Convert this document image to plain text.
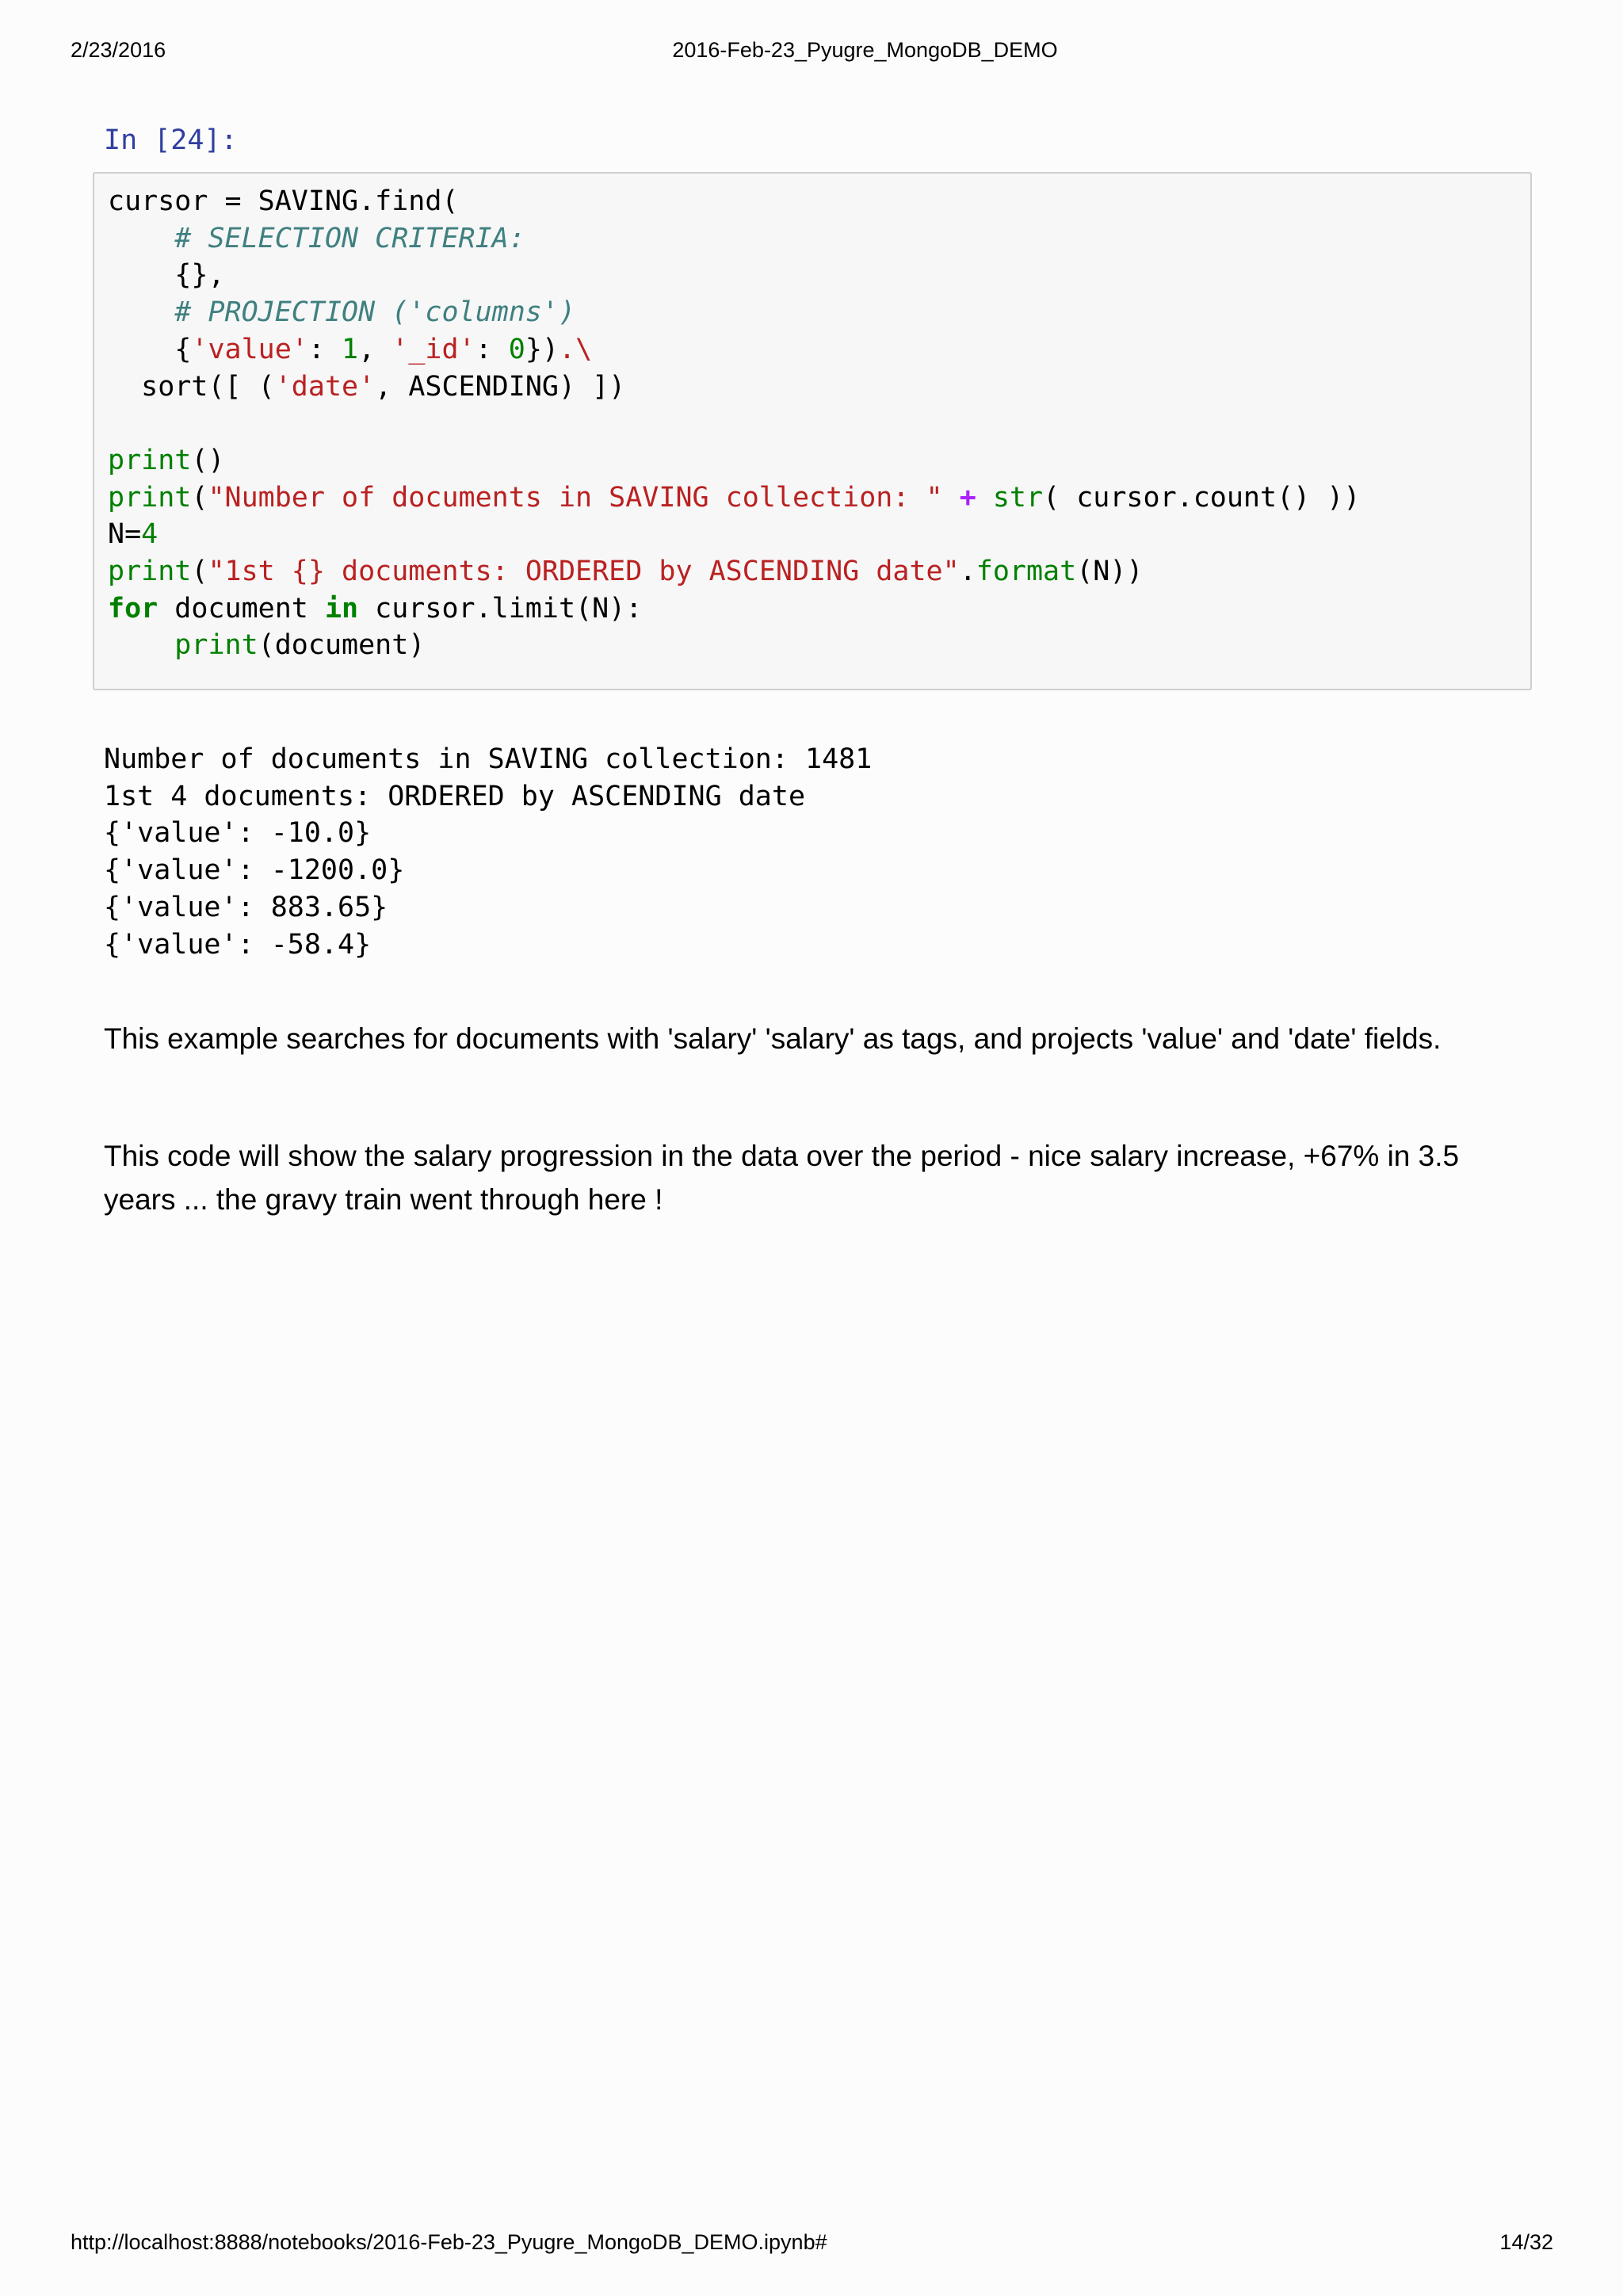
2/23/2016	2016-Feb-23_Pyugre_MongoDB_DEMO
In [24]:
cursor = SAVING.find(
# SELECTION CRITERIA:
{},
# PROJECTION ('columns')
{'value': 1, '_id': 0}).\
sort([ ('date', ASCENDING) ])

print()
print("Number of documents in SAVING collection: " + str( cursor.count() ))
N=4
print("1st {} documents: ORDERED by ASCENDING date".format(N))
for document in cursor.limit(N):
print(document)
Number of documents in SAVING collection: 1481
1st 4 documents: ORDERED by ASCENDING date
{'value': -10.0}
{'value': -1200.0}
{'value': 883.65}
{'value': -58.4}

This example searches for documents with 'salary' 'salary' as tags, and projects 'value' and 'date' fields.

This code will show the salary progression in the data over the period - nice salary increase, +67% in 3.5 years ... the gravy train went through here !

http://localhost:8888/notebooks/2016-Feb-23_Pyugre_MongoDB_DEMO.ipynb#	14/32
